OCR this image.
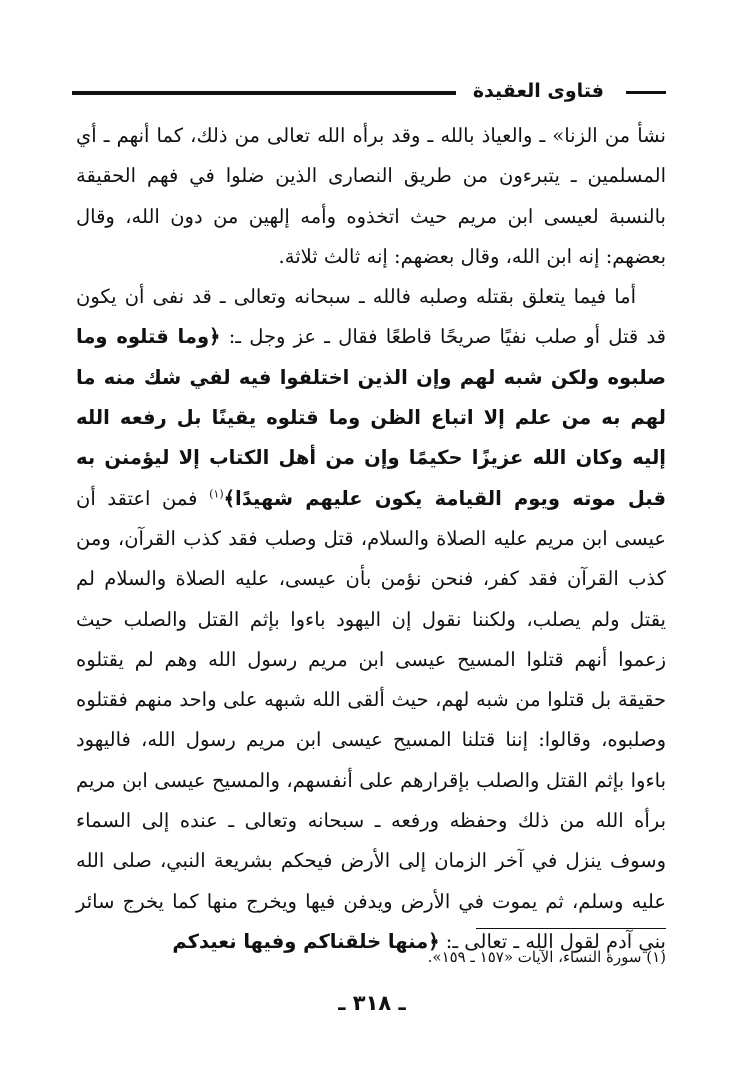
فتاوى العقيدة

نشأ من الزنا» ـ والعياذ بالله ـ وقد برأه الله تعالى من ذلك، كما أنهم ـ أي المسلمين ـ يتبرءون من طريق النصارى الذين ضلوا في فهم الحقيقة بالنسبة لعيسى ابن مريم حيث اتخذوه وأمه إلهين من دون الله، وقال بعضهم: إنه ابن الله، وقال بعضهم: إنه ثالث ثلاثة.

أما فيما يتعلق بقتله وصلبه فالله ـ سبحانه وتعالى ـ قد نفى أن يكون قد قتل أو صلب نفيًا صريحًا قاطعًا فقال ـ عز وجل ـ: ﴿وما قتلوه وما صلبوه ولكن شبه لهم وإن الذين اختلفوا فيه لفي شك منه ما لهم به من علم إلا اتباع الظن وما قتلوه يقينًا بل رفعه الله إليه وكان الله عزيزًا حكيمًا وإن من أهل الكتاب إلا ليؤمنن به قبل موته ويوم القيامة يكون عليهم شهيدًا﴾$^{(١)}$ فمن اعتقد أن عيسى ابن مريم عليه الصلاة والسلام، قتل وصلب فقد كذب القرآن، ومن كذب القرآن فقد كفر، فنحن نؤمن بأن عيسى، عليه الصلاة والسلام لم يقتل ولم يصلب، ولكننا نقول إن اليهود باءوا بإثم القتل والصلب حيث زعموا أنهم قتلوا المسيح عيسى ابن مريم رسول الله وهم لم يقتلوه حقيقة بل قتلوا من شبه لهم، حيث ألقى الله شبهه على واحد منهم فقتلوه وصلبوه، وقالوا: إننا قتلنا المسيح عيسى ابن مريم رسول الله، فاليهود باءوا بإثم القتل والصلب بإقرارهم على أنفسهم، والمسيح عيسى ابن مريم برأه الله من ذلك وحفظه ورفعه ـ سبحانه وتعالى ـ عنده إلى السماء وسوف ينزل في آخر الزمان إلى الأرض فيحكم بشريعة النبي، صلى الله عليه وسلم، ثم يموت في الأرض ويدفن فيها ويخرج منها كما يخرج سائر بني آدم لقول الله ـ تعالى ـ: ﴿منها خلقناكم وفيها نعيدكم

(١) سورة النساء، الآيات «١٥٧ ـ ١٥٩».
ـ ٣١٨ ـ
